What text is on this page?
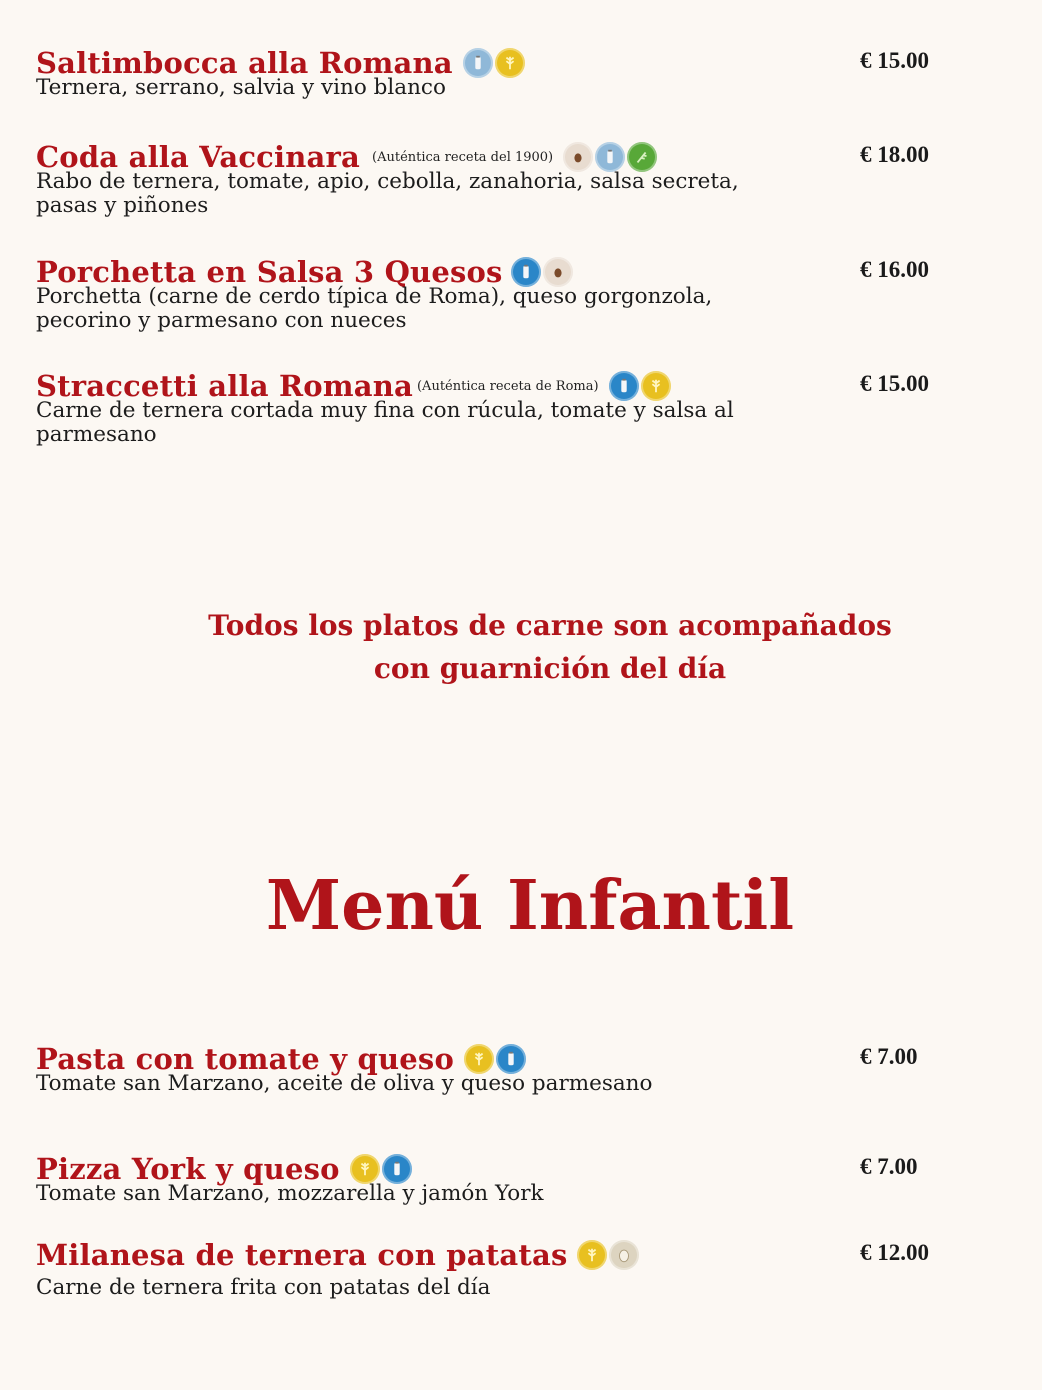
Saltimbocca alla Romana
Ternera, serrano, salvia y vino blanco
€ 15.00
Coda alla Vaccinara (Auténtica receta del 1900)
Rabo de ternera, tomate, apio, cebolla, zanahoria, salsa secreta, pasas y piñones
€ 18.00
Porchetta en Salsa 3 Quesos
Porchetta (carne de cerdo típica de Roma), queso gorgonzola, pecorino y parmesano con nueces
€ 16.00
Straccetti alla Romana (Auténtica receta de Roma)
Carne de ternera cortada muy fina con rúcula, tomate y salsa al parmesano
€ 15.00
Todos los platos de carne son acompañados
con guarnición del día
Menú Infantil
Pasta con tomate y queso
Tomate san Marzano, aceite de oliva y queso parmesano
€ 7.00
Pizza York y queso
Tomate san Marzano, mozzarella y jamón York
€ 7.00
Milanesa de ternera con patatas
Carne de ternera frita con patatas del día
€ 12.00
